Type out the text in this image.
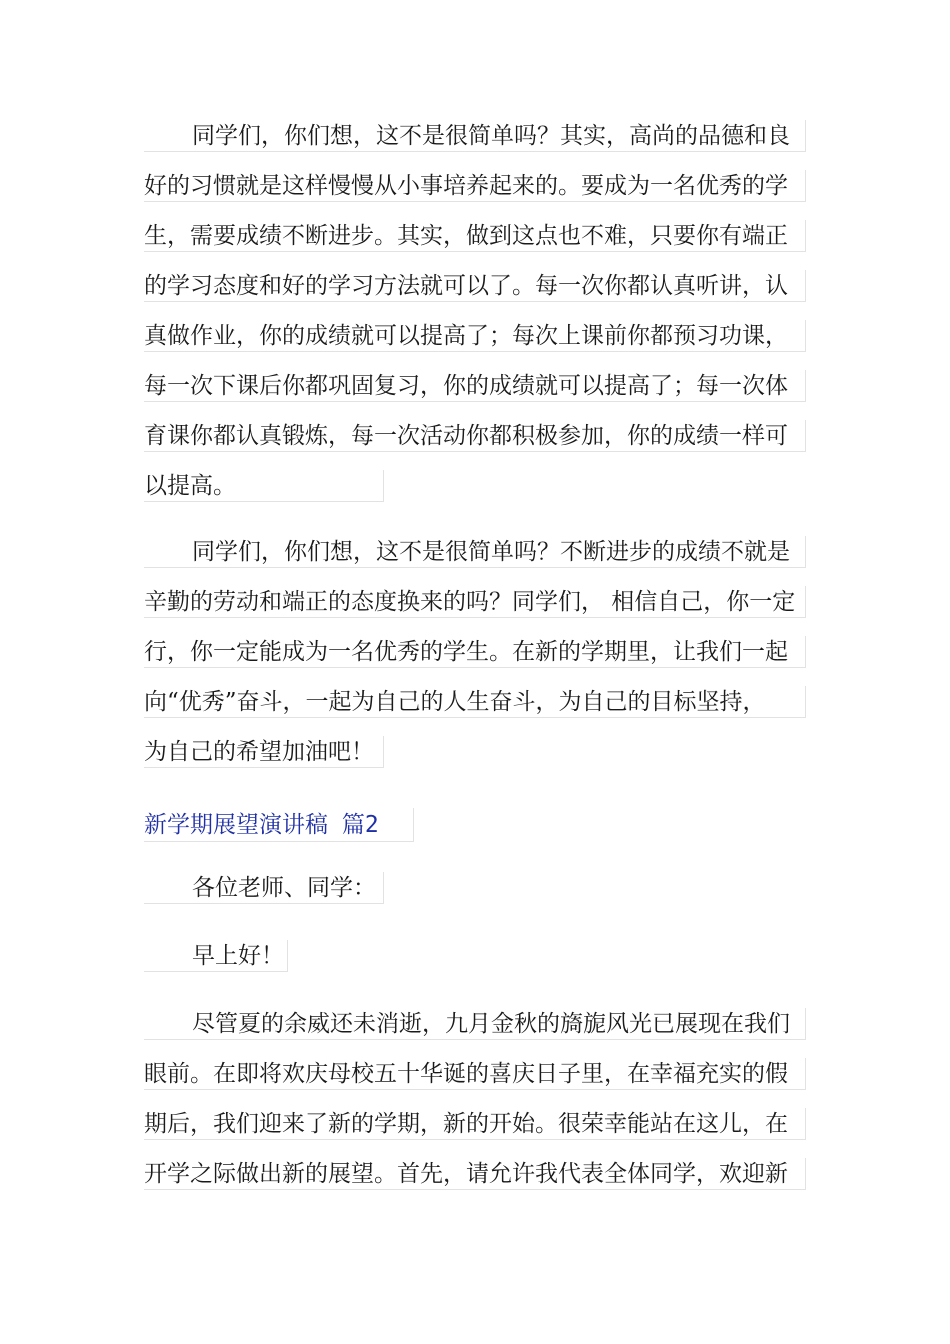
同学们，你们想，这不是很简单吗？其实，高尚的品德和良
好的习惯就是这样慢慢从小事培养起来的。要成为一名优秀的学
生，需要成绩不断进步。其实，做到这点也不难，只要你有端正
的学习态度和好的学习方法就可以了。每一次你都认真听讲，认
真做作业，你的成绩就可以提高了；每次上课前你都预习功课，
每一次下课后你都巩固复习，你的成绩就可以提高了；每一次体
育课你都认真锻炼，每一次活动你都积极参加，你的成绩一样可
以提高。
同学们，你们想，这不是很简单吗？不断进步的成绩不就是
辛勤的劳动和端正的态度换来的吗？同学们， 相信自己，你一定
行，你一定能成为一名优秀的学生。在新的学期里，让我们一起
向“优秀”奋斗，一起为自己的人生奋斗，为自己的目标坚持，
为自己的希望加油吧！
新学期展望演讲稿 篇2
各位老师、同学：
早上好！
尽管夏的余威还未消逝，九月金秋的旖旎风光已展现在我们
眼前。在即将欢庆母校五十华诞的喜庆日子里，在幸福充实的假
期后，我们迎来了新的学期，新的开始。很荣幸能站在这儿，在
开学之际做出新的展望。首先，请允许我代表全体同学，欢迎新
